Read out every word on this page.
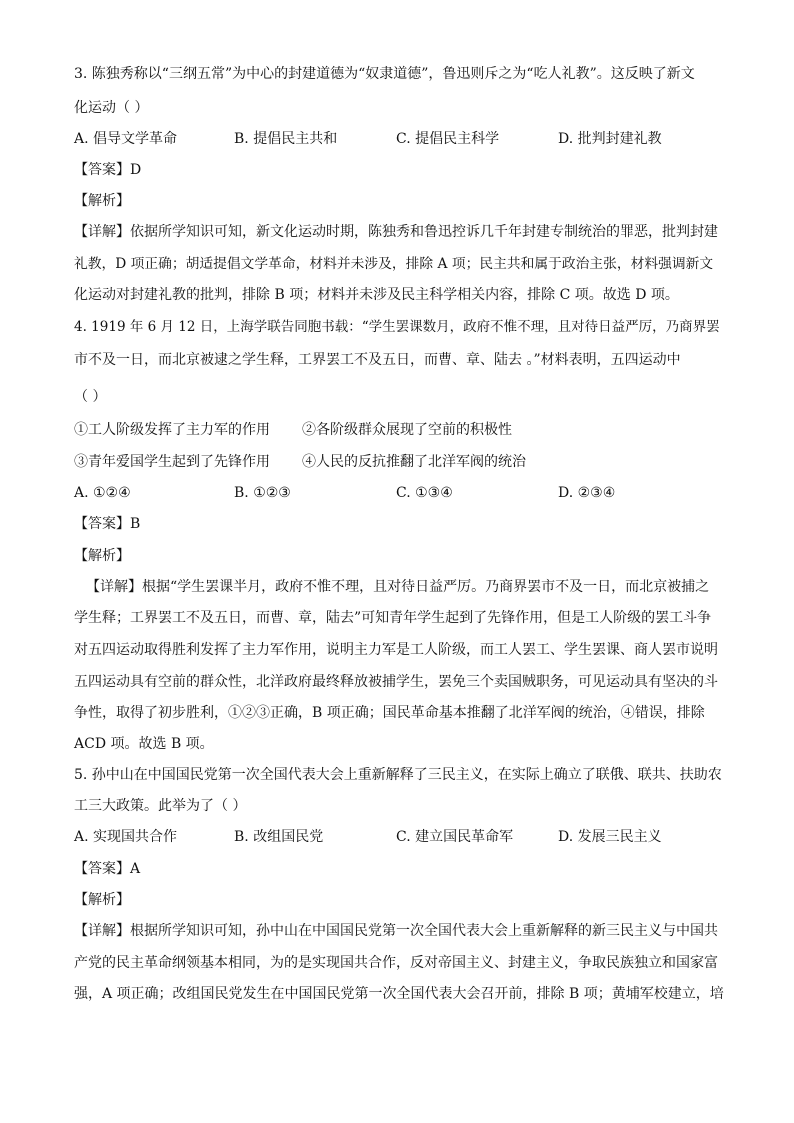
3. 陈独秀称以“三纲五常”为中心的封建道德为“奴隶道德”，鲁迅则斥之为“吃人礼教”。这反映了新文
化运动（ ）
A. 倡导文学革命	B. 提倡民主共和	C. 提倡民主科学	D. 批判封建礼教
【答案】D
【解析】
【详解】依据所学知识可知，新文化运动时期，陈独秀和鲁迅控诉几千年封建专制统治的罪恶，批判封建
礼教，D 项正确；胡适提倡文学革命，材料并未涉及，排除 A 项；民主共和属于政治主张，材料强调新文
化运动对封建礼教的批判，排除 B 项；材料并未涉及民主科学相关内容，排除 C 项。故选 D 项。
4. 1919 年 6 月 12 日，上海学联告同胞书载：“学生罢课数月，政府不惟不理，且对待日益严厉，乃商界罢
市不及一日，而北京被逮之学生释，工界罢工不及五日，而曹、章、陆去 。”材料表明，五四运动中
（ ）
①工人阶级发挥了主力军的作用 ②各阶级群众展现了空前的积极性
③青年爱国学生起到了先锋作用 ④人民的反抗推翻了北洋军阀的统治
A. ①②④	B. ①②③	C. ①③④	D. ②③④
【答案】B
【解析】
【详解】根据“学生罢课半月，政府不惟不理，且对待日益严厉。乃商界罢市不及一日，而北京被捕之
学生释；工界罢工不及五日，而曹、章，陆去”可知青年学生起到了先锋作用，但是工人阶级的罢工斗争
对五四运动取得胜利发挥了主力军作用，说明主力军是工人阶级，而工人罢工、学生罢课、商人罢市说明
五四运动具有空前的群众性，北洋政府最终释放被捕学生，罢免三个卖国贼职务，可见运动具有坚决的斗
争性，取得了初步胜利，①②③正确，B 项正确；国民革命基本推翻了北洋军阀的统治，④错误，排除
ACD 项。故选 B 项。
5. 孙中山在中国国民党第一次全国代表大会上重新解释了三民主义，在实际上确立了联俄、联共、扶助农
工三大政策。此举为了（ ）
A. 实现国共合作	B. 改组国民党	C. 建立国民革命军	D. 发展三民主义
【答案】A
【解析】
【详解】根据所学知识可知，孙中山在中国国民党第一次全国代表大会上重新解释的新三民主义与中国共
产党的民主革命纲领基本相同，为的是实现国共合作，反对帝国主义、封建主义，争取民族独立和国家富
强，A 项正确；改组国民党发生在中国国民党第一次全国代表大会召开前，排除 B 项；黄埔军校建立，培
